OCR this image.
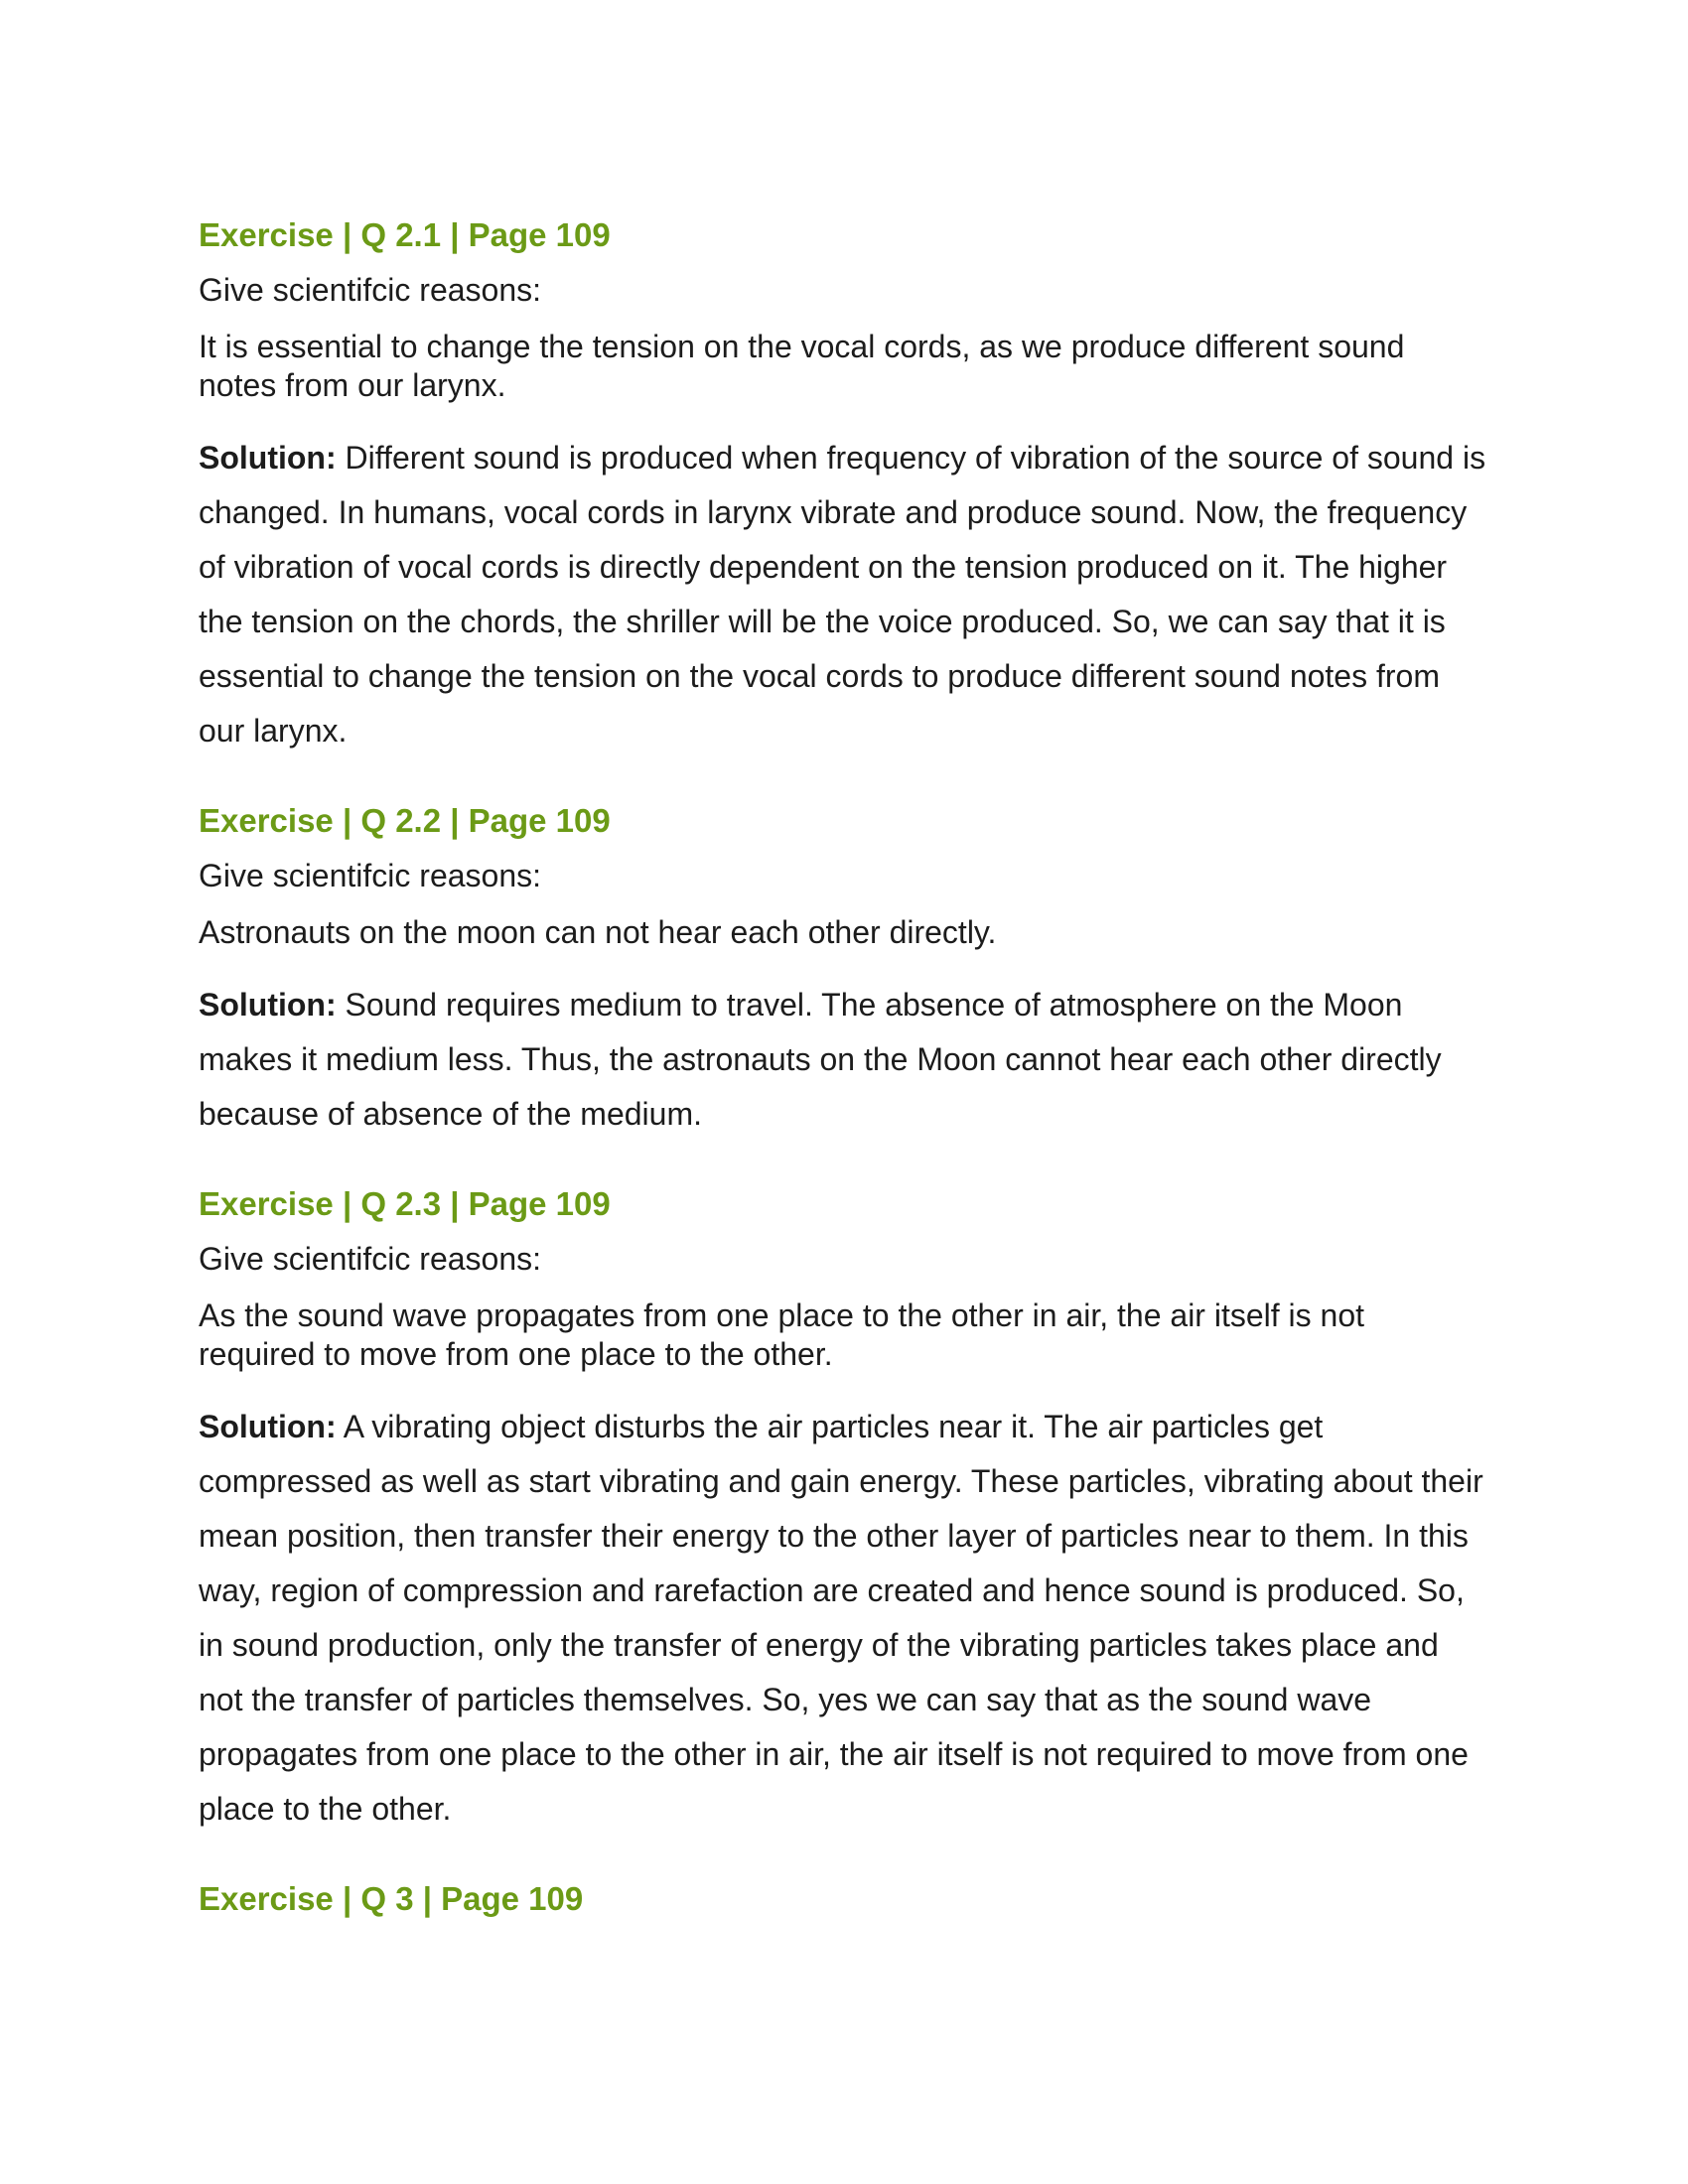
Exercise | Q 2.1 | Page 109

Give scientifcic reasons:

It is essential to change the tension on the vocal cords, as we produce different sound notes from our larynx.

Solution: Different sound is produced when frequency of vibration of the source of sound is changed. In humans, vocal cords in larynx vibrate and produce sound. Now, the frequency of vibration of vocal cords is directly dependent on the tension produced on it. The higher the tension on the chords, the shriller will be the voice produced. So, we can say that it is essential to change the tension on the vocal cords to produce different sound notes from our larynx.

Exercise | Q 2.2 | Page 109

Give scientifcic reasons:

Astronauts on the moon can not hear each other directly.

Solution: Sound requires medium to travel. The absence of atmosphere on the Moon makes it medium less. Thus, the astronauts on the Moon cannot hear each other directly because of absence of the medium.

Exercise | Q 2.3 | Page 109

Give scientifcic reasons:

As the sound wave propagates from one place to the other in air, the air itself is not required to move from one place to the other.

Solution: A vibrating object disturbs the air particles near it. The air particles get compressed as well as start vibrating and gain energy. These particles, vibrating about their mean position, then transfer their energy to the other layer of particles near to them. In this way, region of compression and rarefaction are created and hence sound is produced. So, in sound production, only the transfer of energy of the vibrating particles takes place and not the transfer of particles themselves. So, yes we can say that as the sound wave propagates from one place to the other in air, the air itself is not required to move from one place to the other.

Exercise | Q 3 | Page 109
